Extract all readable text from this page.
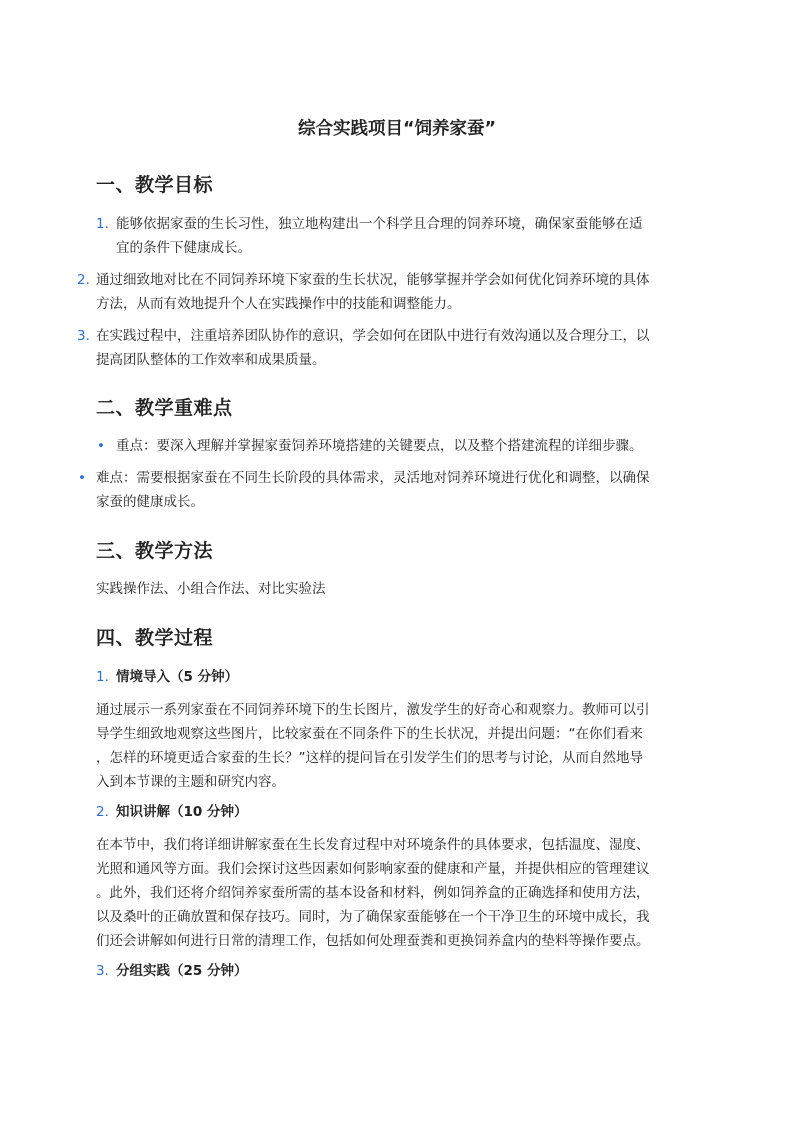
综合实践项目“饲养家蚕”
一、教学目标
1. 能够依据家蚕的生长习性，独立地构建出一个科学且合理的饲养环境，确保家蚕能够在适

宜的条件下健康成长。

2. 通过细致地对比在不同饲养环境下家蚕的生长状况，能够掌握并学会如何优化饲养环境的具体

方法，从而有效地提升个人在实践操作中的技能和调整能力。

3. 在实践过程中，注重培养团队协作的意识，学会如何在团队中进行有效沟通以及合理分工，以

提高团队整体的工作效率和成果质量。

二、教学重难点
• 重点：要深入理解并掌握家蚕饲养环境搭建的关键要点，以及整个搭建流程的详细步骤。

• 难点：需要根据家蚕在不同生长阶段的具体需求，灵活地对饲养环境进行优化和调整，以确保

家蚕的健康成长。

三、教学方法

实践操作法、小组合作法、对比实验法

四、教学过程
1. 情境导入（5 分钟）

通过展示一系列家蚕在不同饲养环境下的生长图片，激发学生的好奇心和观察力。教师可以引

导学生细致地观察这些图片，比较家蚕在不同条件下的生长状况，并提出问题：“在你们看来

，怎样的环境更适合家蚕的生长？”这样的提问旨在引发学生们的思考与讨论，从而自然地导

入到本节课的主题和研究内容。

2. 知识讲解（10 分钟）

在本节中，我们将详细讲解家蚕在生长发育过程中对环境条件的具体要求，包括温度、湿度、

光照和通风等方面。我们会探讨这些因素如何影响家蚕的健康和产量，并提供相应的管理建议

。此外，我们还将介绍饲养家蚕所需的基本设备和材料，例如饲养盒的正确选择和使用方法，

以及桑叶的正确放置和保存技巧。同时，为了确保家蚕能够在一个干净卫生的环境中成长，我

们还会讲解如何进行日常的清理工作，包括如何处理蚕粪和更换饲养盒内的垫料等操作要点。

3. 分组实践（25 分钟）
